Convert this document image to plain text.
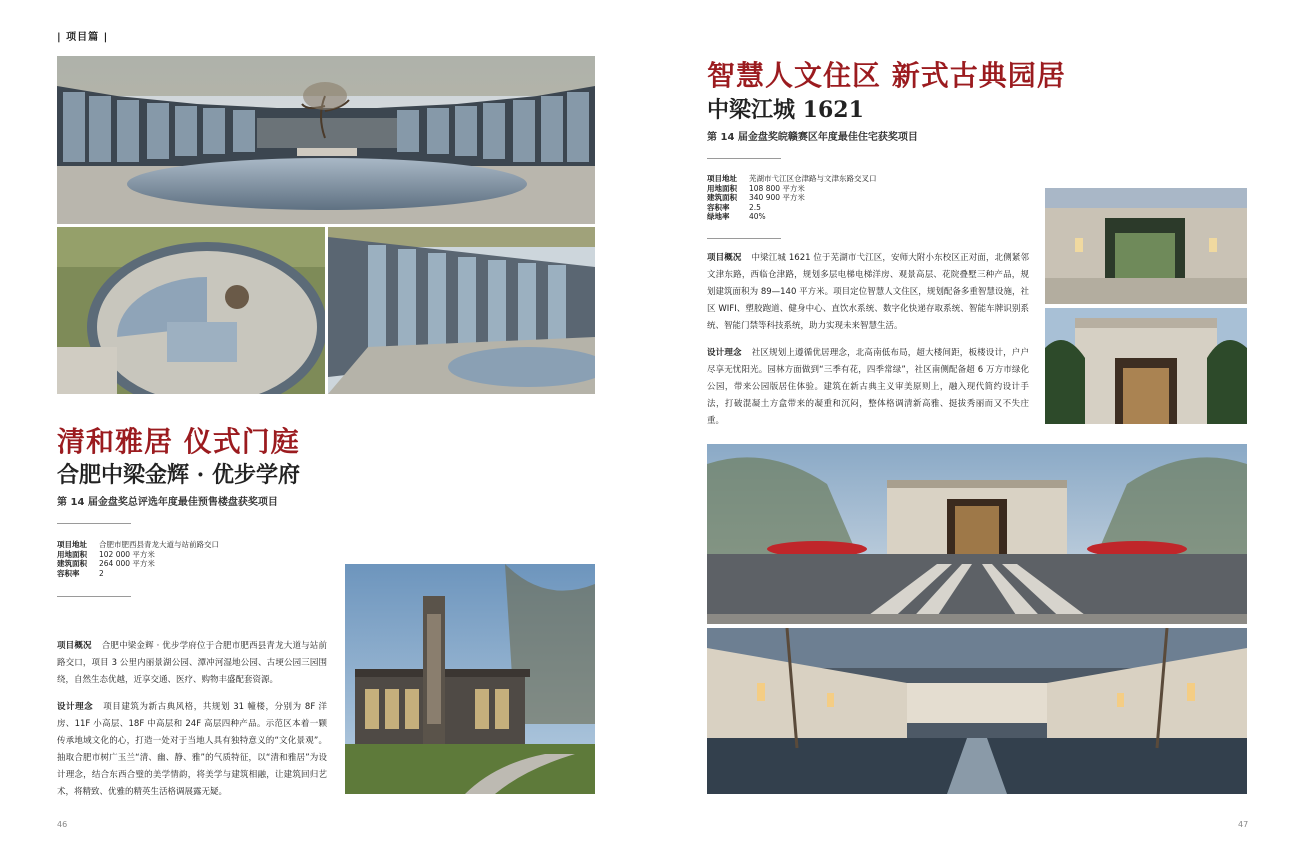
| 项目篇 |
清和雅居 仪式门庭
合肥中梁金辉 · 优步学府
第 14 届金盘奖总评选年度最佳预售楼盘获奖项目
项目地址	合肥市肥西县青龙大道与站前路交口
用地面积	102 000 平方米
建筑面积	264 000 平方米
容积率	2
项目概况 合肥中梁金辉 · 优步学府位于合肥市肥西县青龙大道与站前路交口，项目 3 公里内丽景湖公园、潭冲河湿地公园、古埂公园三园围绕，自然生态优越，近享交通、医疗、购物丰盛配套资源。
设计理念 项目建筑为新古典风格，共规划 31 幢楼，分别为 8F 洋房、11F 小高层、18F 中高层和 24F 高层四种产品。示范区本着一颗传承地域文化的心，打造一处对于当地人具有独特意义的“文化景观”。抽取合肥市树广玉兰“清、幽、静、雅”的气质特征，以“清和雅居”为设计理念，结合东西合璧的美学情韵，将美学与建筑相融，让建筑回归艺术，将精致、优雅的精英生活格调展露无疑。
46
智慧人文住区 新式古典园居
中梁江城 1621
第 14 届金盘奖皖赣赛区年度最佳住宅获奖项目
项目地址	芜湖市弋江区仓津路与文津东路交叉口
用地面积	108 800 平方米
建筑面积	340 900 平方米
容积率	2.5
绿地率	40%
项目概况 中梁江城 1621 位于芜湖市弋江区，安师大附小东校区正对面，北侧紧邻文津东路，西临仓津路，规划多层电梯电梯洋房、观景高层、花院叠墅三种产品，规划建筑面积为 89—140 平方米。项目定位智慧人文住区，规划配备多重智慧设施，社区 WIFI、塑胶跑道、健身中心、直饮水系统、数字化快递存取系统、智能车牌识别系统、智能门禁等科技系统，助力实现未来智慧生活。
设计理念 社区规划上遵循优居理念，北高南低布局，超大楼间距，板楼设计，户户尽享无忧阳光。园林方面做到“三季有花，四季常绿”，社区南侧配备超 6 万方市绿化公园，带来公园版居住体验。建筑在新古典主义审美原则上，融入现代简约设计手法，打破混凝土方盒带来的凝重和沉闷，整体格调清新高雅、挺拔秀丽而又不失庄重。
47
